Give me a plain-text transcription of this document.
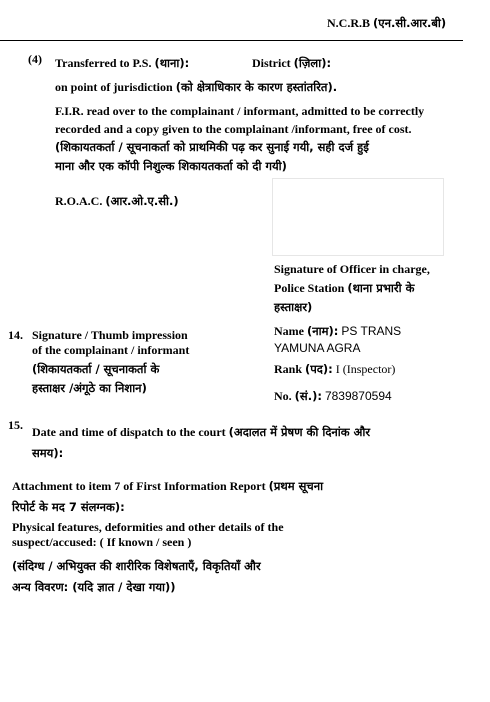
N.C.R.B (एन.सी.आर.बी)
(4) Transferred to P.S. (थाना):	District (ज़िला):
on point of jurisdiction (को क्षेत्राधिकार के कारण हस्तांतरित).
F.I.R. read over to the complainant / informant, admitted to be correctly
recorded and a copy given to the complainant /informant, free of cost.
(शिकायतकर्ता / सूचनाकर्ता को प्राथमिकी पढ़ कर सुनाई गयी, सही दर्ज हुई
माना और एक कॉपी निशुल्क शिकायतकर्ता को दी गयी)
R.O.A.C. (आर.ओ.ए.सी.)
Signature of Officer in charge,
Police Station (थाना प्रभारी के
हस्ताक्षर)
Name (नाम): PS TRANS
YAMUNA AGRA
Rank (पद): I (Inspector)
No. (सं.): 7839870594
14. Signature / Thumb impression
of the complainant / informant
(शिकायतकर्ता / सूचनाकर्ता के
हस्ताक्षर /अंगूठे का निशान)
15. Date and time of dispatch to the court (अदालत में प्रेषण की दिनांक और
समय):
Attachment to item 7 of First Information Report (प्रथम सूचना
रिपोर्ट के मद 7 संलग्नक):
Physical features, deformities and other details of the
suspect/accused: ( If known / seen )
(संदिग्ध / अभियुक्त की शारीरिक विशेषताएँ, विकृतियाँ और
अन्य विवरण: (यदि ज्ञात / देखा गया))
